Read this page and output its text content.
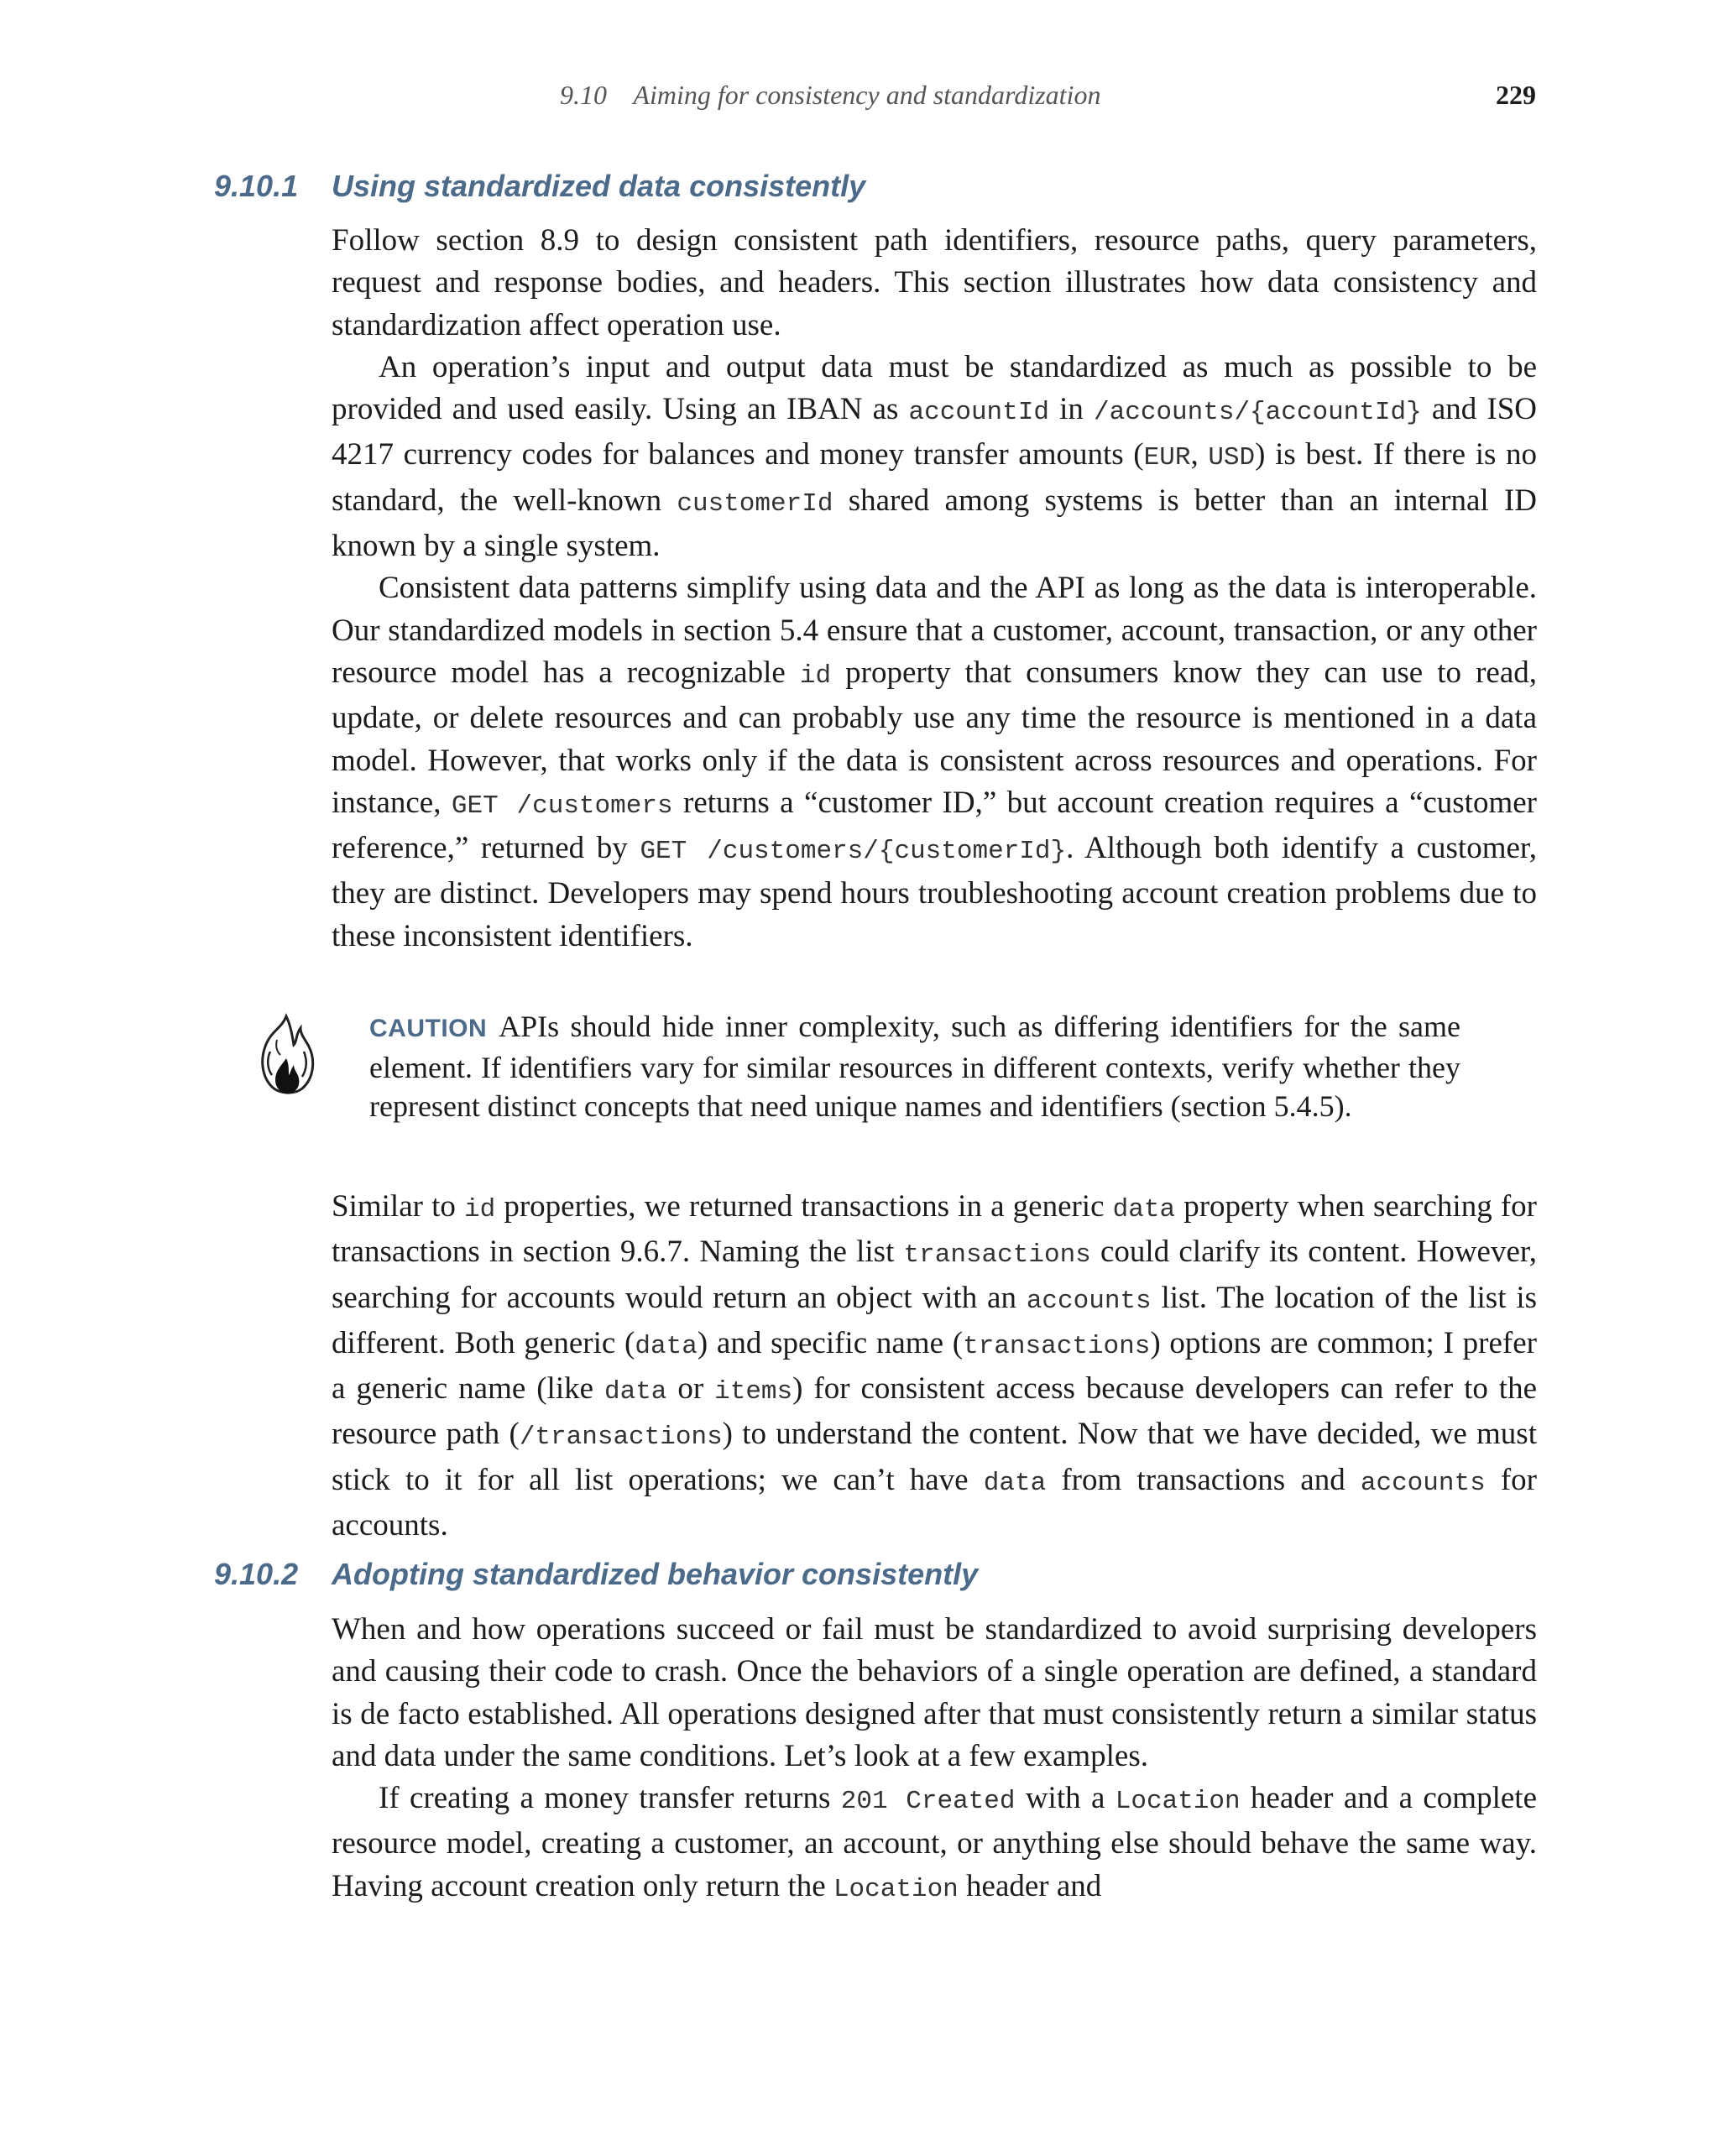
9.10    Aiming for consistency and standardization	229
9.10.1 Using standardized data consistently

Follow section 8.9 to design consistent path identifiers, resource paths, query parameters, request and response bodies, and headers. This section illustrates how data consistency and standardization affect operation use.

An operation’s input and output data must be standardized as much as possible to be provided and used easily. Using an IBAN as accountId in /accounts/{accountId} and ISO 4217 currency codes for balances and money transfer amounts (EUR, USD) is best. If there is no standard, the well-known customerId shared among systems is better than an internal ID known by a single system.

Consistent data patterns simplify using data and the API as long as the data is interoperable. Our standardized models in section 5.4 ensure that a customer, account, transaction, or any other resource model has a recognizable id property that consumers know they can use to read, update, or delete resources and can probably use any time the resource is mentioned in a data model. However, that works only if the data is consistent across resources and operations. For instance, GET /customers returns a “customer ID,” but account creation requires a “customer reference,” returned by GET /customers/{customerId}. Although both identify a customer, they are distinct. Developers may spend hours troubleshooting account creation problems due to these inconsistent identifiers.

CAUTION APIs should hide inner complexity, such as differing identifiers for the same element. If identifiers vary for similar resources in different contexts, verify whether they represent distinct concepts that need unique names and identifiers (section 5.4.5).

Similar to id properties, we returned transactions in a generic data property when searching for transactions in section 9.6.7. Naming the list transactions could clarify its content. However, searching for accounts would return an object with an accounts list. The location of the list is different. Both generic (data) and specific name (transactions) options are common; I prefer a generic name (like data or items) for consistent access because developers can refer to the resource path (/transactions) to understand the content. Now that we have decided, we must stick to it for all list operations; we can’t have data from transactions and accounts for accounts.

9.10.2 Adopting standardized behavior consistently

When and how operations succeed or fail must be standardized to avoid surprising developers and causing their code to crash. Once the behaviors of a single operation are defined, a standard is de facto established. All operations designed after that must consistently return a similar status and data under the same conditions. Let’s look at a few examples.

If creating a money transfer returns 201 Created with a Location header and a complete resource model, creating a customer, an account, or anything else should behave the same way. Having account creation only return the Location header and
